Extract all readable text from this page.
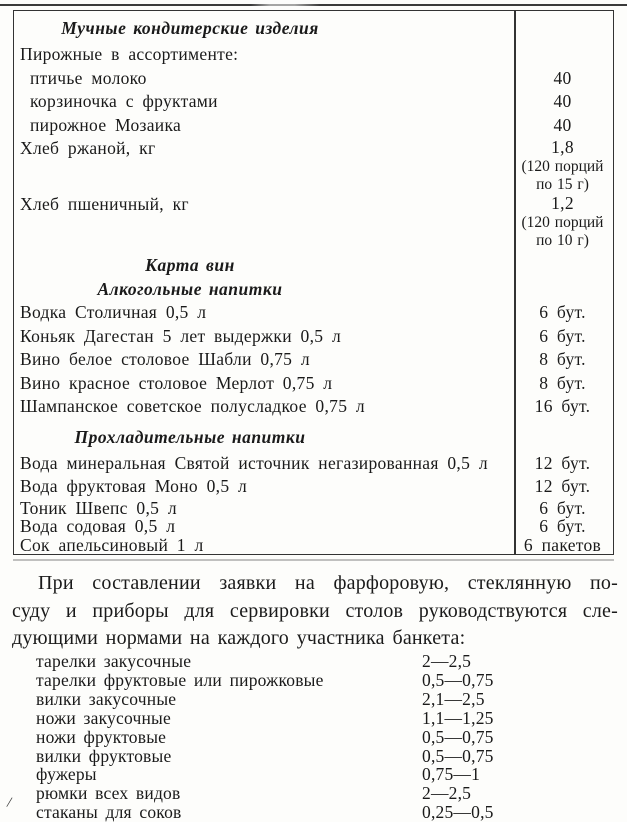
Мучные кондитерские изделия
Пирожные в ассортименте:
птичье молоко	40
корзиночка с фруктами	40
пирожное Мозаика	40
Хлеб ржаной, кг	1,8
(120 порций
по 15 г)
Хлеб пшеничный, кг	1,2
(120 порций
по 10 г)
Карта вин
Алкогольные напитки
Водка Столичная 0,5 л	6 бут.
Коньяк Дагестан 5 лет выдержки 0,5 л	6 бут.
Вино белое столовое Шабли 0,75 л	8 бут.
Вино красное столовое Мерлот 0,75 л	8 бут.
Шампанское советское полусладкое 0,75 л	16 бут.
Прохладительные напитки
Вода минеральная Святой источник негазированная 0,5 л	12 бут.
Вода фруктовая Моно 0,5 л	12 бут.
Тоник Швепс 0,5 л	6 бут.
Вода содовая 0,5 л	6 бут.
Сок апельсиновый 1 л	6 пакетов
При составлении заявки на фарфоровую, стеклянную по-
суду и приборы для сервировки столов руководствуются сле-
дующими нормами на каждого участника банкета:
тарелки закусочные	2—2,5
тарелки фруктовые или пирожковые	0,5—0,75
вилки закусочные	2,1—2,5
ножи закусочные	1,1—1,25
ножи фруктовые	0,5—0,75
вилки фруктовые	0,5—0,75
фужеры	0,75—1
рюмки всех видов	2—2,5
стаканы для соков	0,25—0,5
/
